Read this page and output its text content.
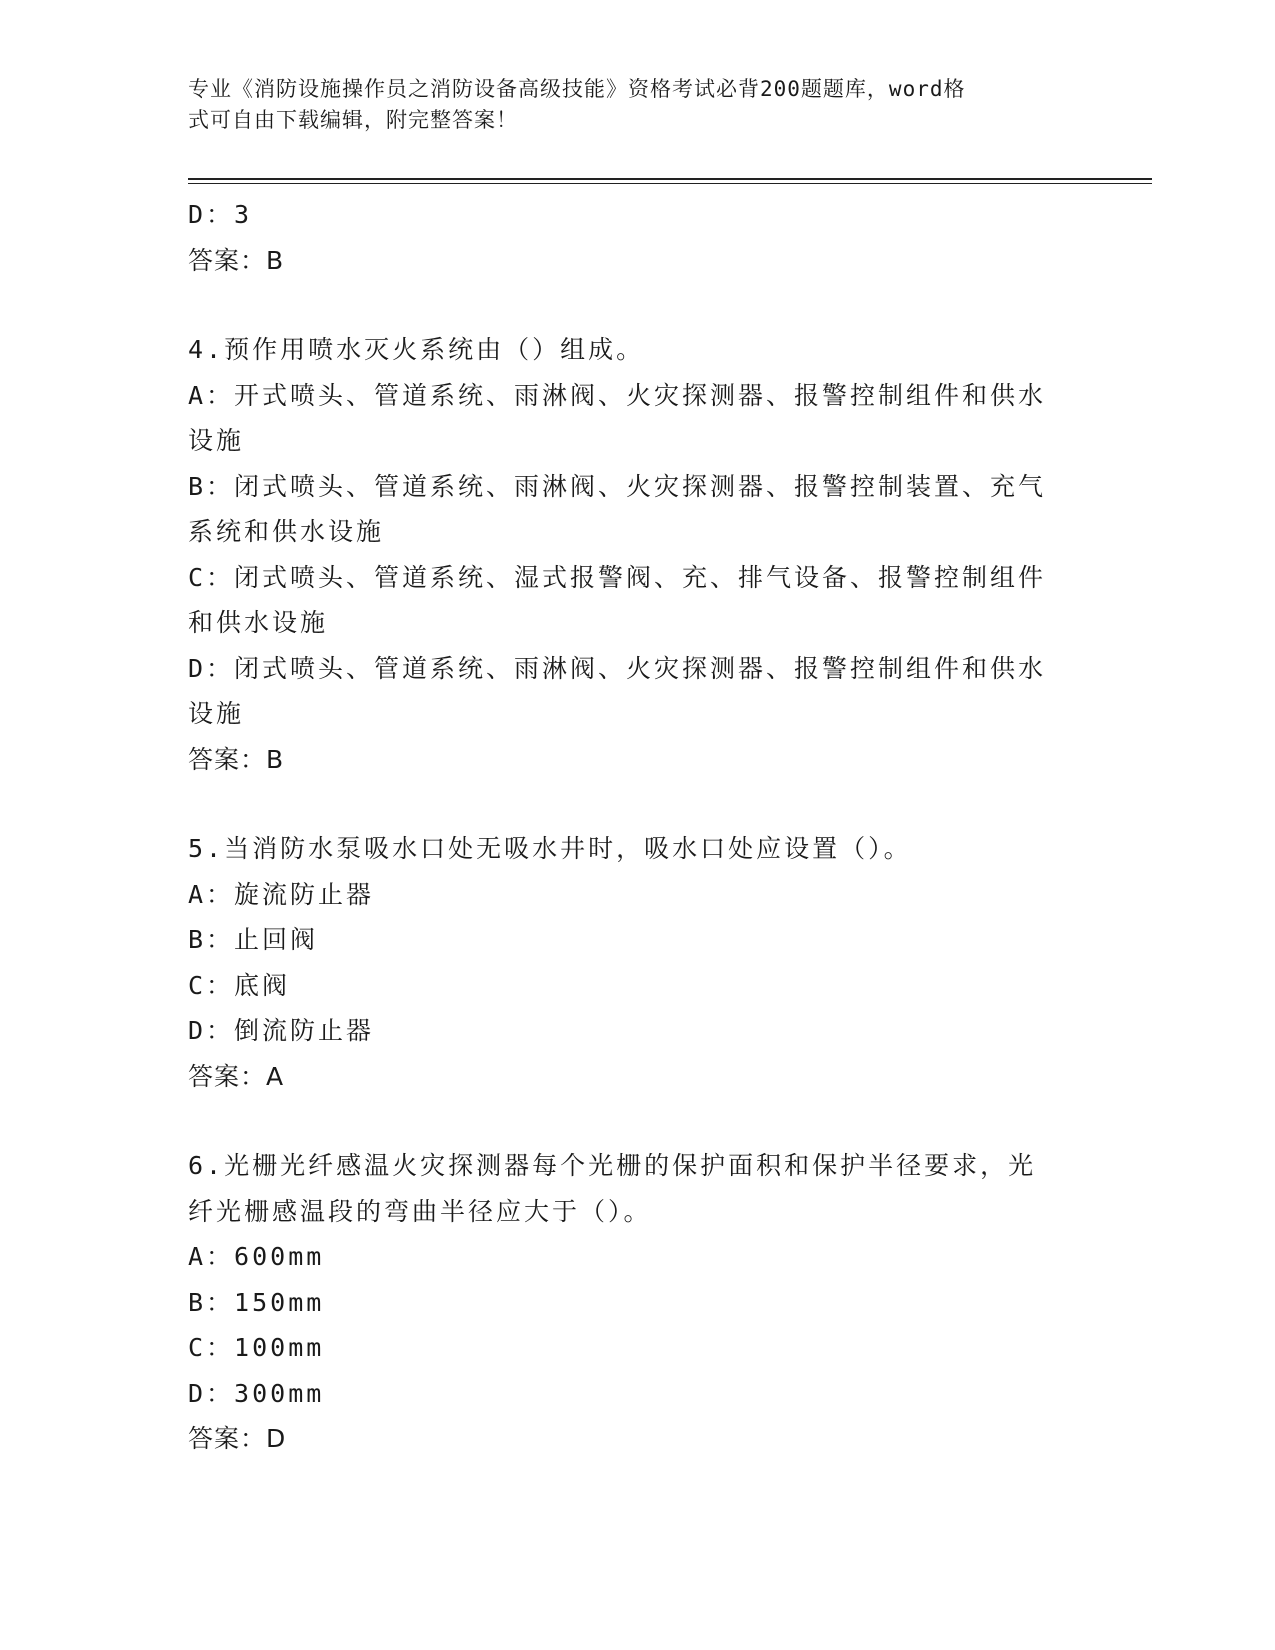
专业《消防设施操作员之消防设备高级技能》资格考试必背200题题库，word格
式可自由下载编辑，附完整答案！
D：3
答案：B
4.预作用喷水灭火系统由（）组成。
A：开式喷头、管道系统、雨淋阀、火灾探测器、报警控制组件和供水
设施
B：闭式喷头、管道系统、雨淋阀、火灾探测器、报警控制装置、充气
系统和供水设施
C：闭式喷头、管道系统、湿式报警阀、充、排气设备、报警控制组件
和供水设施
D：闭式喷头、管道系统、雨淋阀、火灾探测器、报警控制组件和供水
设施
答案：B
5.当消防水泵吸水口处无吸水井时，吸水口处应设置（）。
A：旋流防止器
B：止回阀
C：底阀
D：倒流防止器
答案：A
6.光栅光纤感温火灾探测器每个光栅的保护面积和保护半径要求，光
纤光栅感温段的弯曲半径应大于（）。
A：600mm
B：150mm
C：100mm
D：300mm
答案：D
